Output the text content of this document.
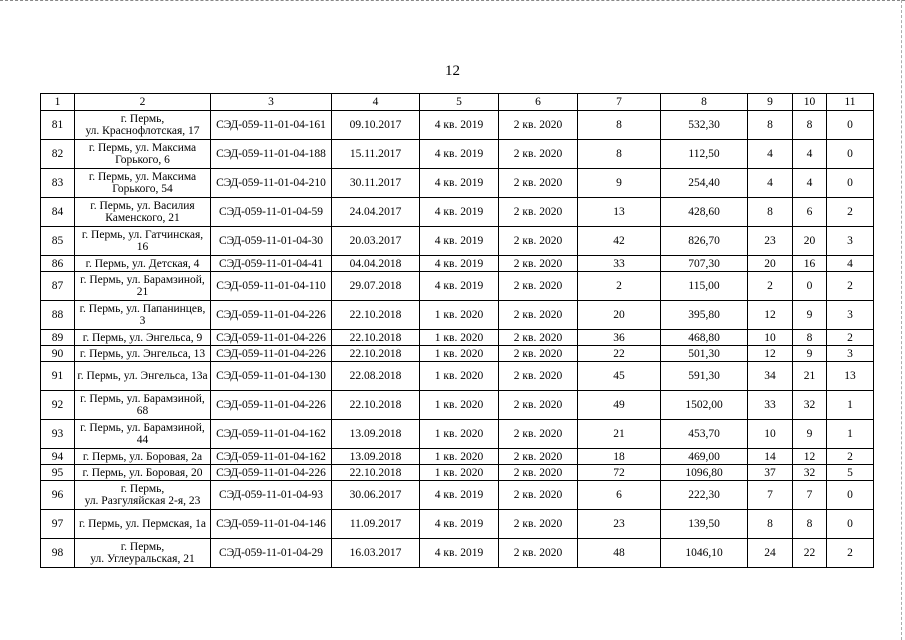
12
1	2	3	4	5	6	7	8	9	10	11
81	г. Пермь,
ул. Краснофлотская, 17	СЭД-059-11-01-04-161	09.10.2017	4 кв. 2019	2 кв. 2020	8	532,30	8	8	0
82	г. Пермь, ул. Максима Горького, 6	СЭД-059-11-01-04-188	15.11.2017	4 кв. 2019	2 кв. 2020	8	112,50	4	4	0
83	г. Пермь, ул. Максима Горького, 54	СЭД-059-11-01-04-210	30.11.2017	4 кв. 2019	2 кв. 2020	9	254,40	4	4	0
84	г. Пермь, ул. Василия Каменского, 21	СЭД-059-11-01-04-59	24.04.2017	4 кв. 2019	2 кв. 2020	13	428,60	8	6	2
85	г. Пермь, ул. Гатчинская, 16	СЭД-059-11-01-04-30	20.03.2017	4 кв. 2019	2 кв. 2020	42	826,70	23	20	3
86	г. Пермь, ул. Детская, 4	СЭД-059-11-01-04-41	04.04.2018	4 кв. 2019	2 кв. 2020	33	707,30	20	16	4
87	г. Пермь, ул. Барамзиной, 21	СЭД-059-11-01-04-110	29.07.2018	4 кв. 2019	2 кв. 2020	2	115,00	2	0	2
88	г. Пермь, ул. Папанинцев, 3	СЭД-059-11-01-04-226	22.10.2018	1 кв. 2020	2 кв. 2020	20	395,80	12	9	3
89	г. Пермь, ул. Энгельса, 9	СЭД-059-11-01-04-226	22.10.2018	1 кв. 2020	2 кв. 2020	36	468,80	10	8	2
90	г. Пермь, ул. Энгельса, 13	СЭД-059-11-01-04-226	22.10.2018	1 кв. 2020	2 кв. 2020	22	501,30	12	9	3
91	г. Пермь, ул. Энгельса, 13а	СЭД-059-11-01-04-130	22.08.2018	1 кв. 2020	2 кв. 2020	45	591,30	34	21	13
92	г. Пермь, ул. Барамзиной, 68	СЭД-059-11-01-04-226	22.10.2018	1 кв. 2020	2 кв. 2020	49	1502,00	33	32	1
93	г. Пермь, ул. Барамзиной, 44	СЭД-059-11-01-04-162	13.09.2018	1 кв. 2020	2 кв. 2020	21	453,70	10	9	1
94	г. Пермь, ул. Боровая, 2а	СЭД-059-11-01-04-162	13.09.2018	1 кв. 2020	2 кв. 2020	18	469,00	14	12	2
95	г. Пермь, ул. Боровая, 20	СЭД-059-11-01-04-226	22.10.2018	1 кв. 2020	2 кв. 2020	72	1096,80	37	32	5
96	г. Пермь,
ул. Разгуляйская 2-я, 23	СЭД-059-11-01-04-93	30.06.2017	4 кв. 2019	2 кв. 2020	6	222,30	7	7	0
97	г. Пермь, ул. Пермская, 1а	СЭД-059-11-01-04-146	11.09.2017	4 кв. 2019	2 кв. 2020	23	139,50	8	8	0
98	г. Пермь,
ул. Углеуральская, 21	СЭД-059-11-01-04-29	16.03.2017	4 кв. 2019	2 кв. 2020	48	1046,10	24	22	2
